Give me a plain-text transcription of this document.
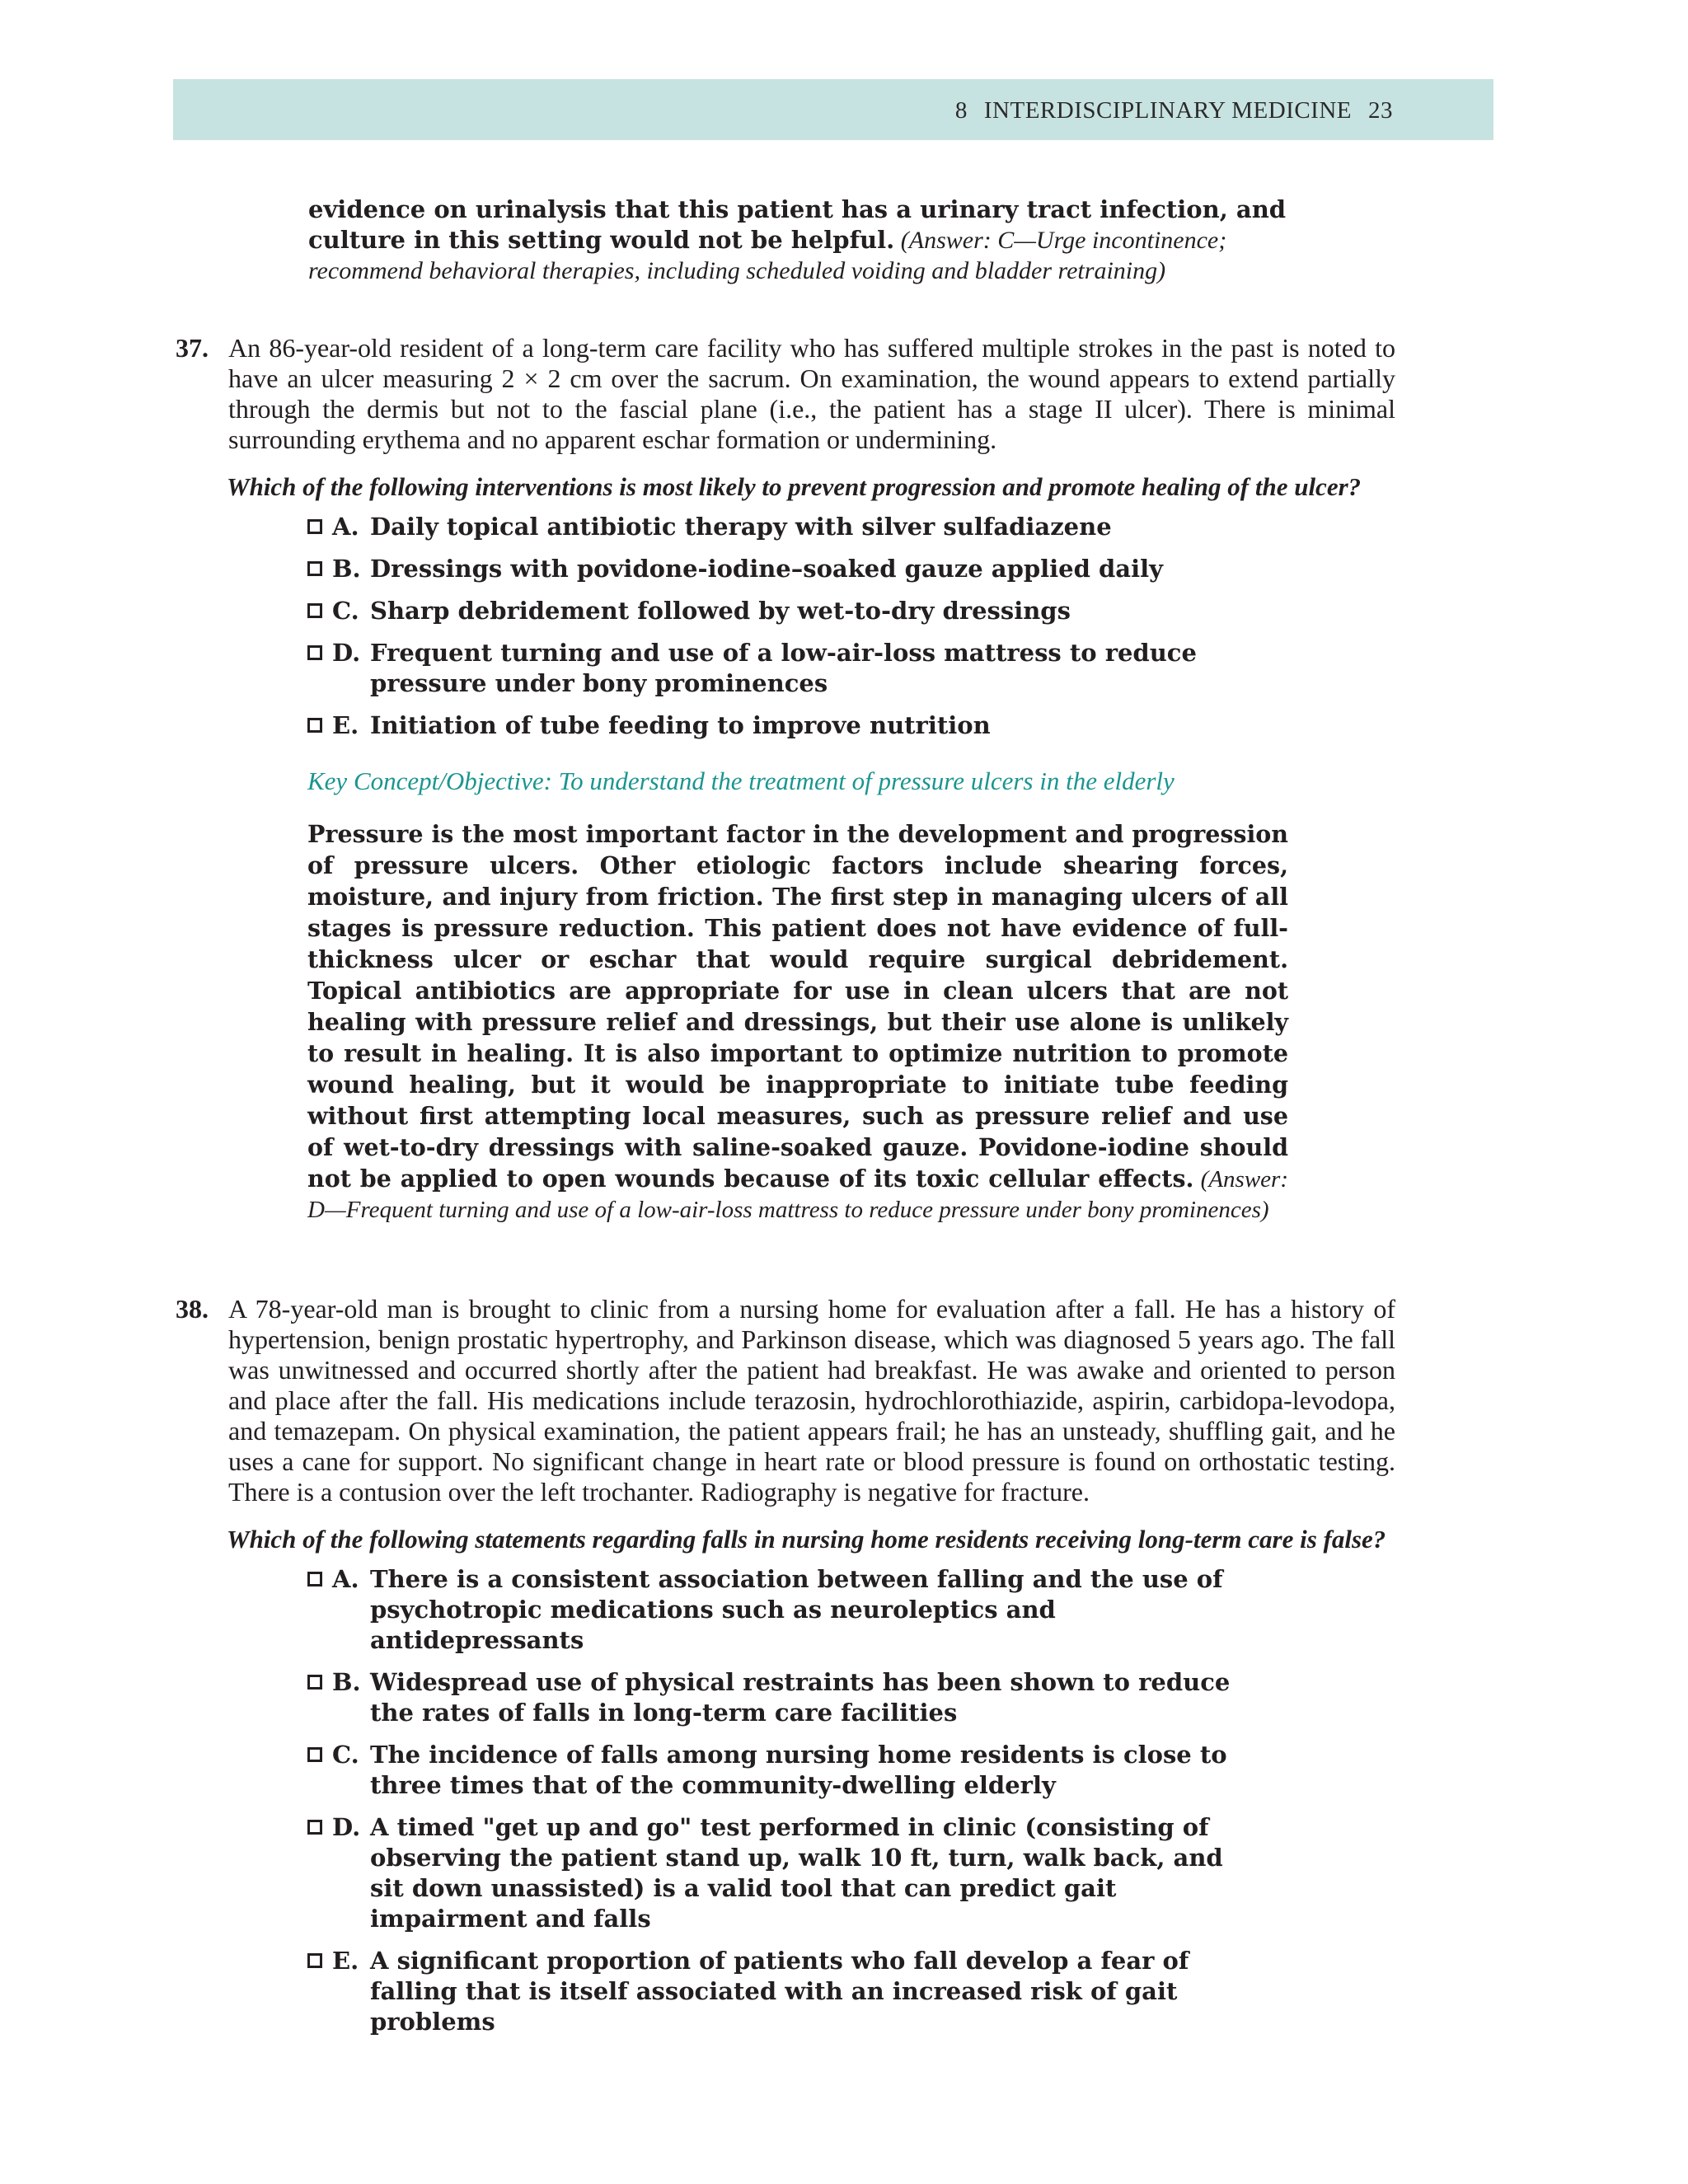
8 INTERDISCIPLINARY MEDICINE 23
evidence on urinalysis that this patient has a urinary tract infection, and culture in this setting would not be helpful. (Answer: C—Urge incontinence; recommend behavioral therapies, including scheduled voiding and bladder retraining)
37. An 86-year-old resident of a long-term care facility who has suffered multiple strokes in the past is noted to have an ulcer measuring 2 × 2 cm over the sacrum. On examination, the wound appears to extend partially through the dermis but not to the fascial plane (i.e., the patient has a stage II ulcer). There is minimal surrounding erythema and no apparent eschar formation or undermining.
Which of the following interventions is most likely to prevent progression and promote healing of the ulcer?
A. Daily topical antibiotic therapy with silver sulfadiazene
B. Dressings with povidone-iodine–soaked gauze applied daily
C. Sharp debridement followed by wet-to-dry dressings
D. Frequent turning and use of a low-air-loss mattress to reduce pressure under bony prominences
E. Initiation of tube feeding to improve nutrition
Key Concept/Objective: To understand the treatment of pressure ulcers in the elderly
Pressure is the most important factor in the development and progression of pressure ulcers. Other etiologic factors include shearing forces, moisture, and injury from friction. The first step in managing ulcers of all stages is pressure reduction. This patient does not have evidence of full-thickness ulcer or eschar that would require surgical debridement. Topical antibiotics are appropriate for use in clean ulcers that are not healing with pressure relief and dressings, but their use alone is unlikely to result in healing. It is also important to optimize nutrition to promote wound healing, but it would be inappropriate to initiate tube feeding without first attempting local measures, such as pressure relief and use of wet-to-dry dressings with saline-soaked gauze. Povidone-iodine should not be applied to open wounds because of its toxic cellular effects. (Answer: D—Frequent turning and use of a low-air-loss mattress to reduce pressure under bony prominences)
38. A 78-year-old man is brought to clinic from a nursing home for evaluation after a fall. He has a history of hypertension, benign prostatic hypertrophy, and Parkinson disease, which was diagnosed 5 years ago. The fall was unwitnessed and occurred shortly after the patient had breakfast. He was awake and oriented to person and place after the fall. His medications include terazosin, hydrochlorothiazide, aspirin, carbidopa-levodopa, and temazepam. On physical examination, the patient appears frail; he has an unsteady, shuffling gait, and he uses a cane for support. No significant change in heart rate or blood pressure is found on orthostatic testing. There is a contusion over the left trochanter. Radiography is negative for fracture.
Which of the following statements regarding falls in nursing home residents receiving long-term care is false?
A. There is a consistent association between falling and the use of psychotropic medications such as neuroleptics and antidepressants
B. Widespread use of physical restraints has been shown to reduce the rates of falls in long-term care facilities
C. The incidence of falls among nursing home residents is close to three times that of the community-dwelling elderly
D. A timed "get up and go" test performed in clinic (consisting of observing the patient stand up, walk 10 ft, turn, walk back, and sit down unassisted) is a valid tool that can predict gait impairment and falls
E. A significant proportion of patients who fall develop a fear of falling that is itself associated with an increased risk of gait problems
